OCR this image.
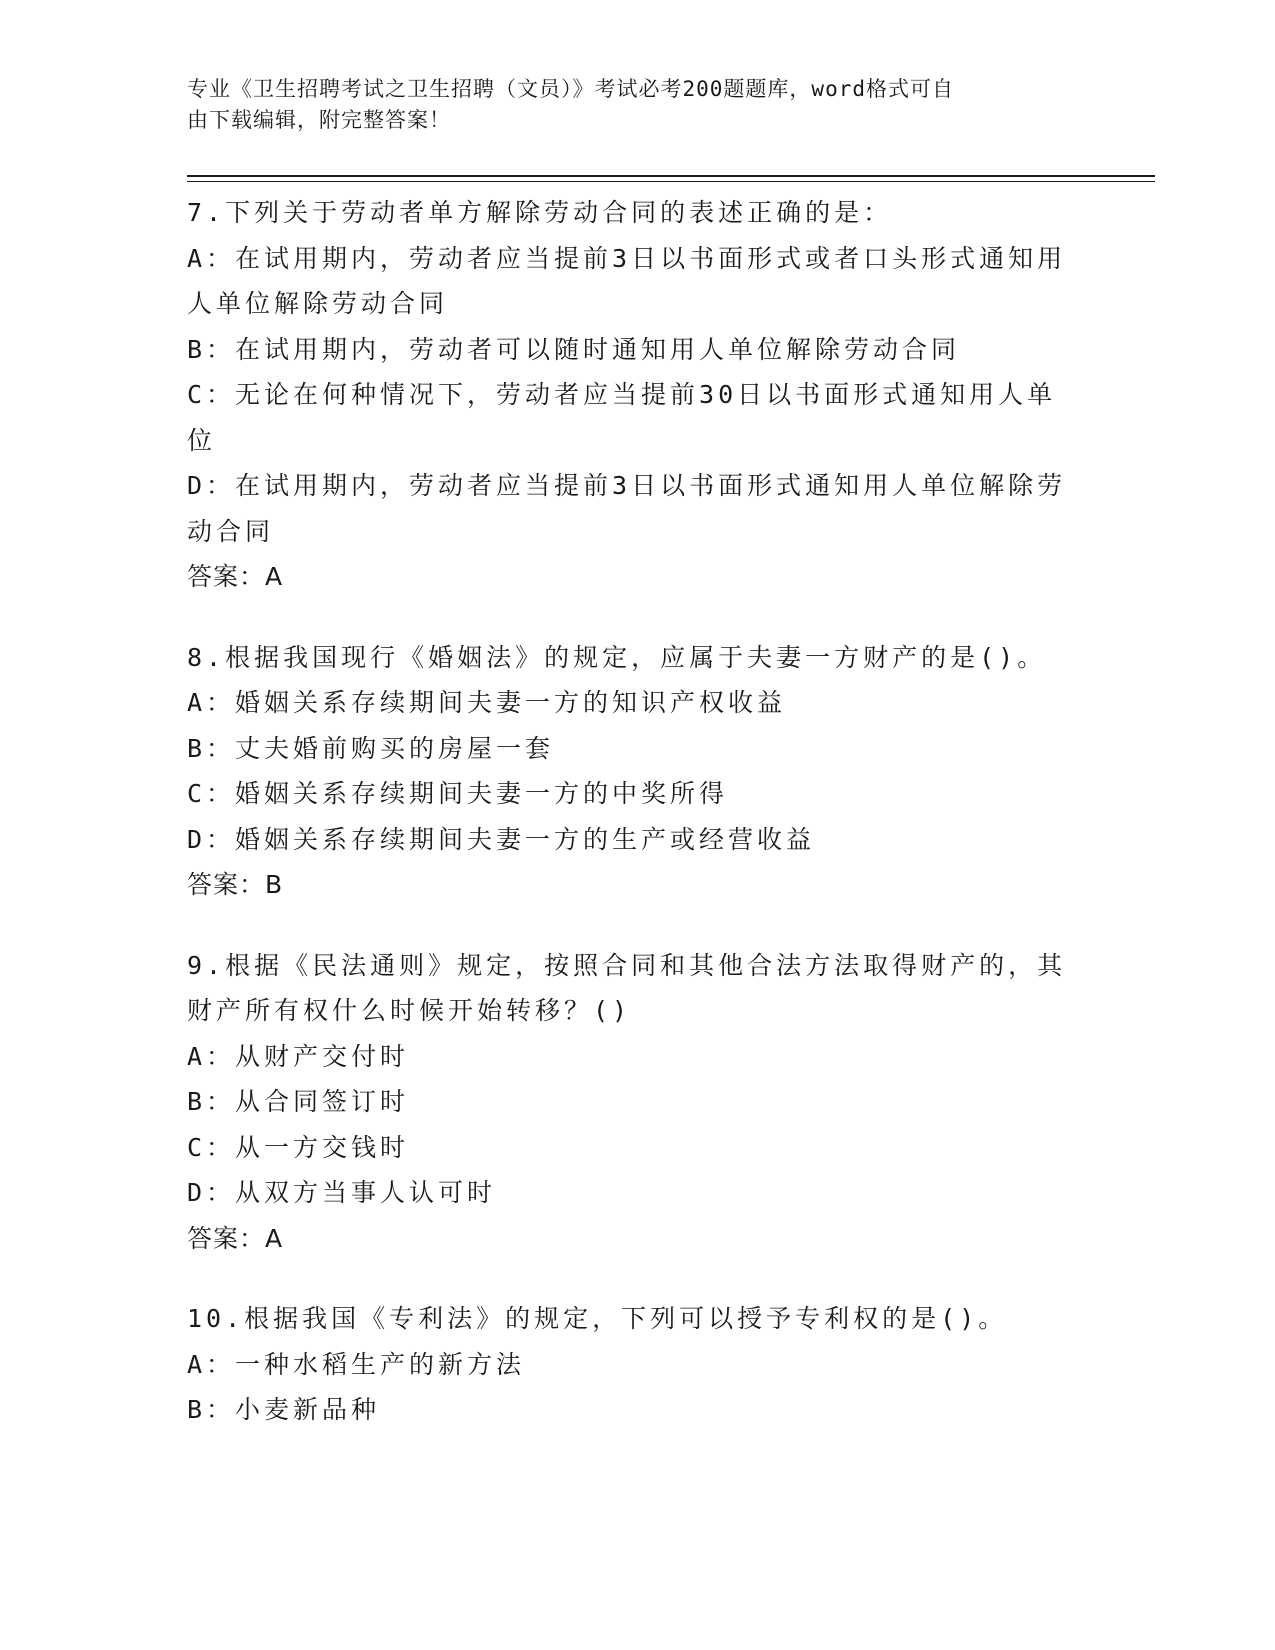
专业《卫生招聘考试之卫生招聘（文员）》考试必考200题题库，word格式可自
由下载编辑，附完整答案！
7.下列关于劳动者单方解除劳动合同的表述正确的是：
A：在试用期内，劳动者应当提前3日以书面形式或者口头形式通知用
人单位解除劳动合同
B：在试用期内，劳动者可以随时通知用人单位解除劳动合同
C：无论在何种情况下，劳动者应当提前30日以书面形式通知用人单
位
D：在试用期内，劳动者应当提前3日以书面形式通知用人单位解除劳
动合同
答案：A
8.根据我国现行《婚姻法》的规定，应属于夫妻一方财产的是()。
A：婚姻关系存续期间夫妻一方的知识产权收益
B：丈夫婚前购买的房屋一套
C：婚姻关系存续期间夫妻一方的中奖所得
D：婚姻关系存续期间夫妻一方的生产或经营收益
答案：B
9.根据《民法通则》规定，按照合同和其他合法方法取得财产的，其
财产所有权什么时候开始转移？()
A：从财产交付时
B：从合同签订时
C：从一方交钱时
D：从双方当事人认可时
答案：A
10.根据我国《专利法》的规定，下列可以授予专利权的是()。
A：一种水稻生产的新方法
B：小麦新品种
